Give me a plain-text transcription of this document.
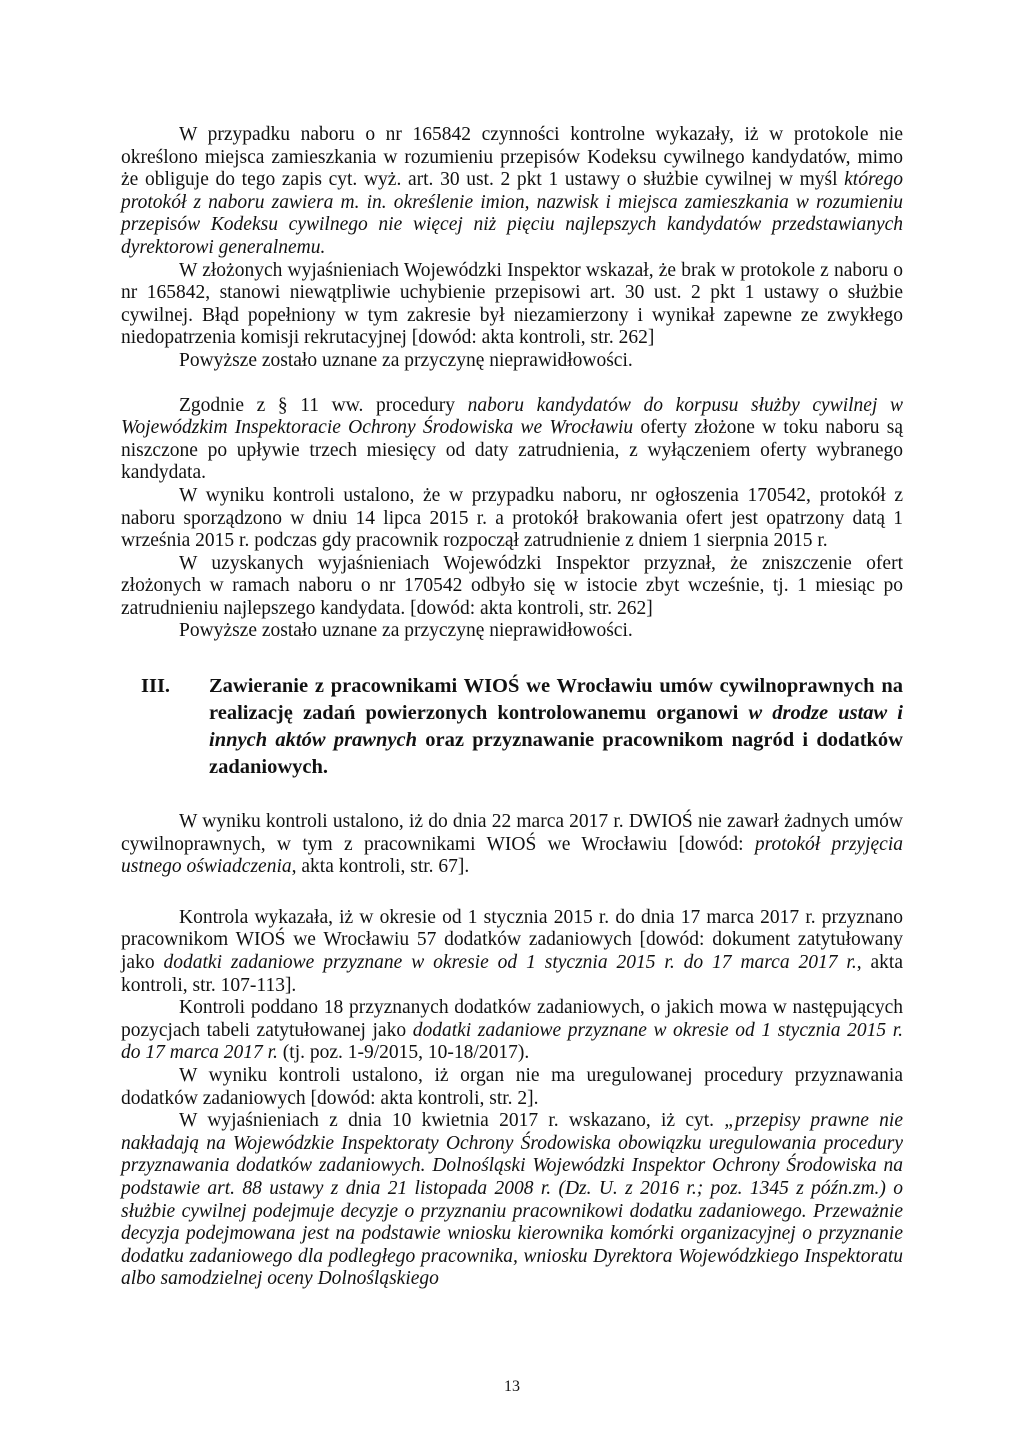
W przypadku naboru o nr 165842 czynności kontrolne wykazały, iż w protokole nie określono miejsca zamieszkania w rozumieniu przepisów Kodeksu cywilnego kandydatów, mimo że obliguje do tego zapis cyt. wyż. art. 30 ust. 2 pkt 1 ustawy o służbie cywilnej w myśl którego protokół z naboru zawiera m. in. określenie imion, nazwisk i miejsca zamieszkania w rozumieniu przepisów Kodeksu cywilnego nie więcej niż pięciu najlepszych kandydatów przedstawianych dyrektorowi generalnemu.

W złożonych wyjaśnieniach Wojewódzki Inspektor wskazał, że brak w protokole z naboru o nr 165842, stanowi niewątpliwie uchybienie przepisowi art. 30 ust. 2 pkt 1 ustawy o służbie cywilnej. Błąd popełniony w tym zakresie był niezamierzony i wynikał zapewne ze zwykłego niedopatrzenia komisji rekrutacyjnej [dowód: akta kontroli, str. 262]

Powyższe zostało uznane za przyczynę nieprawidłowości.

Zgodnie z § 11 ww. procedury naboru kandydatów do korpusu służby cywilnej w Wojewódzkim Inspektoracie Ochrony Środowiska we Wrocławiu oferty złożone w toku naboru są niszczone po upływie trzech miesięcy od daty zatrudnienia, z wyłączeniem oferty wybranego kandydata.

W wyniku kontroli ustalono, że w przypadku naboru, nr ogłoszenia 170542, protokół z naboru sporządzono w dniu 14 lipca 2015 r. a protokół brakowania ofert jest opatrzony datą 1 września 2015 r. podczas gdy pracownik rozpoczął zatrudnienie z dniem 1 sierpnia 2015 r.

W uzyskanych wyjaśnieniach Wojewódzki Inspektor przyznał, że zniszczenie ofert złożonych w ramach naboru o nr 170542 odbyło się w istocie zbyt wcześnie, tj. 1 miesiąc po zatrudnieniu najlepszego kandydata. [dowód: akta kontroli, str. 262]

Powyższe zostało uznane za przyczynę nieprawidłowości.

III.	Zawieranie z pracownikami WIOŚ we Wrocławiu umów cywilnoprawnych na realizację zadań powierzonych kontrolowanemu organowi w drodze ustaw i innych aktów prawnych oraz przyznawanie pracownikom nagród i dodatków zadaniowych.

W wyniku kontroli ustalono, iż do dnia 22 marca 2017 r. DWIOŚ nie zawarł żadnych umów cywilnoprawnych, w tym z pracownikami WIOŚ we Wrocławiu [dowód: protokół przyjęcia ustnego oświadczenia, akta kontroli, str. 67].

Kontrola wykazała, iż w okresie od 1 stycznia 2015 r. do dnia 17 marca 2017 r. przyznano pracownikom WIOŚ we Wrocławiu 57 dodatków zadaniowych [dowód: dokument zatytułowany jako dodatki zadaniowe przyznane w okresie od 1 stycznia 2015 r. do 17 marca 2017 r., akta kontroli, str. 107-113].

Kontroli poddano 18 przyznanych dodatków zadaniowych, o jakich mowa w następujących pozycjach tabeli zatytułowanej jako dodatki zadaniowe przyznane w okresie od 1 stycznia 2015 r. do 17 marca 2017 r. (tj. poz. 1-9/2015, 10-18/2017).

W wyniku kontroli ustalono, iż organ nie ma uregulowanej procedury przyznawania dodatków zadaniowych [dowód: akta kontroli, str. 2].

W wyjaśnieniach z dnia 10 kwietnia 2017 r. wskazano, iż cyt. „przepisy prawne nie nakładają na Wojewódzkie Inspektoraty Ochrony Środowiska obowiązku uregulowania procedury przyznawania dodatków zadaniowych. Dolnośląski Wojewódzki Inspektor Ochrony Środowiska na podstawie art. 88 ustawy z dnia 21 listopada 2008 r. (Dz. U. z 2016 r.; poz. 1345 z późn.zm.) o służbie cywilnej podejmuje decyzje o przyznaniu pracownikowi dodatku zadaniowego. Przeważnie decyzja podejmowana jest na podstawie wniosku kierownika komórki organizacyjnej o przyznanie dodatku zadaniowego dla podległego pracownika, wniosku Dyrektora Wojewódzkiego Inspektoratu albo samodzielnej oceny Dolnośląskiego

13
